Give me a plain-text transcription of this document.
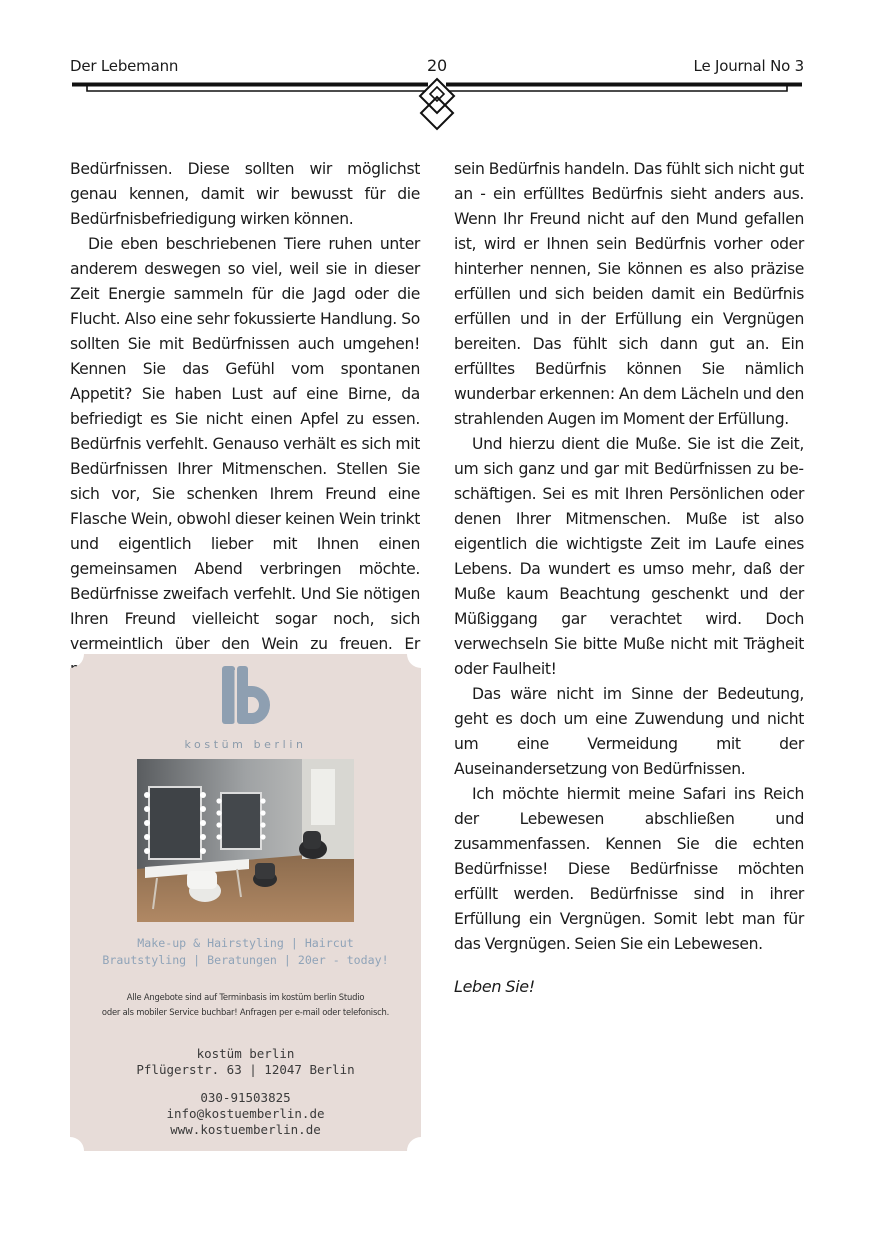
Der Lebemann	20	Le Journal No 3

Bedürfnissen. Diese sollten wir möglichst genau kennen, damit wir bewusst für die Bedürfnisbefriedigung wirken können.

Die eben beschriebenen Tiere ruhen unter anderem deswegen so viel, weil sie in dieser Zeit Energie sammeln für die Jagd oder die Flucht. Also eine sehr fokussierte Handlung. So sollten Sie mit Bedürfnissen auch umgehen! Kennen Sie das Gefühl vom spontanen Appetit? Sie haben Lust auf eine Birne, da befriedigt es Sie nicht einen Apfel zu essen. Bedürfnis verfehlt. Genauso verhält es sich mit Bedürfnissen Ihrer Mitmenschen. Stellen Sie sich vor, Sie schenken Ihrem Freund eine Flasche Wein, obwohl dieser keinen Wein trinkt und eigentlich lieber mit Ihnen einen gemeinsamen Abend verbringen möchte. Bedürfnisse zweifach verfehlt. Und Sie nötigen Ihren Freund vielleicht sogar noch, sich vermeintlich über den Wein zu freuen. Er

sein Bedürfnis handeln. Das fühlt sich nicht gut an - ein erfülltes Bedürfnis sieht anders aus. Wenn Ihr Freund nicht auf den Mund gefallen ist, wird er Ihnen sein Bedürfnis vorher oder hinterher nennen, Sie können es also präzise erfüllen und sich beiden damit ein Bedürfnis erfüllen und in der Erfüllung ein Vergnügen bereiten. Das fühlt sich dann gut an. Ein erfülltes Bedürfnis können Sie nämlich wunderbar erkennen: An dem Lächeln und den strahlenden Augen im Moment der Erfüllung.

Und hierzu dient die Muße. Sie ist die Zeit, um sich ganz und gar mit Bedürfnissen zu beschäftigen. Sei es mit Ihren Persönlichen oder denen Ihrer Mitmenschen. Muße ist also eigentlich die wichtigste Zeit im Laufe eines Lebens. Da wundert es umso mehr, daß der Muße kaum Beachtung geschenkt und der Müßiggang gar verachtet wird. Doch verwechseln Sie bitte Muße nicht mit Trägheit oder Faulheit!

Das wäre nicht im Sinne der Bedeutung, geht es doch um eine Zuwendung und nicht um eine Vermeidung mit der Auseinandersetzung von Bedürfnissen.

Ich möchte hiermit meine Safari ins Reich der Lebewesen abschließen und zusammenfassen. Kennen Sie die echten Bedürfnisse! Diese Bedürfnisse möchten erfüllt werden. Bedürfnisse sind in ihrer Erfüllung ein Vergnügen. Somit lebt man für das Vergnügen. Seien Sie ein Lebewesen.

Leben Sie!
kostüm berlin
Make-up & Hairstyling | Haircut
Brautstyling | Beratungen | 20er - today!
Alle Angebote sind auf Terminbasis im kostüm berlin Studio
oder als mobiler Service buchbar! Anfragen per e-mail oder telefonisch.
kostüm berlin
Pflügerstr. 63 | 12047 Berlin
030-91503825
info@kostuemberlin.de
www.kostuemberlin.de
